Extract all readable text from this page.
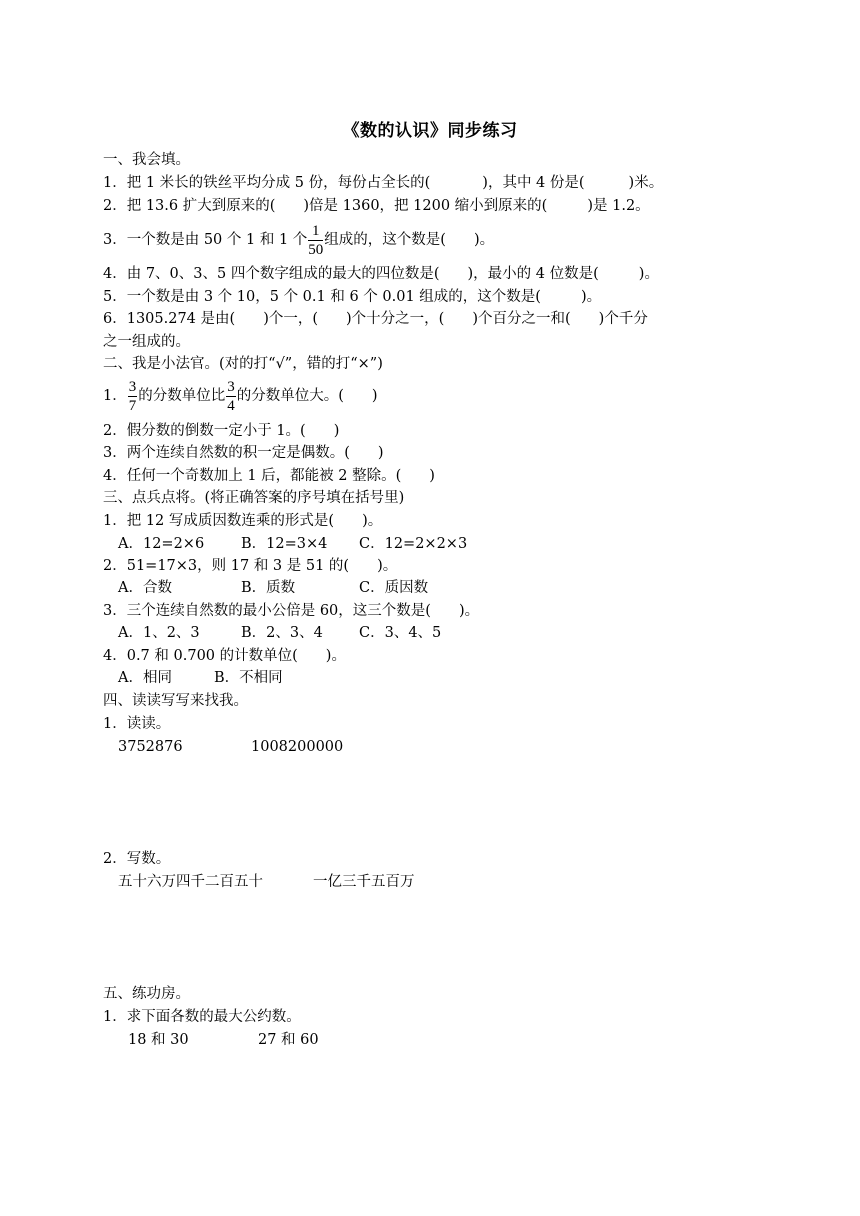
《数的认识》同步练习
一、我会填。
1．把 1 米长的铁丝平均分成 5 份，每份占全长的(	)，其中 4 份是(	)米。
2．把 13.6 扩大到原来的( )倍是 1360，把 1200 缩小到原来的(	)是 1.2。
3．一个数是由 50 个 1 和 1 个 $\frac{1}{50}$ 组成的，这个数是( )。
4．由 7、0、3、5 四个数字组成的最大的四位数是( )，最小的 4 位数是(	)。
5．一个数是由 3 个 10，5 个 0.1 和 6 个 0.01 组成的，这个数是(	)。
6．1305.274 是由( )个一，( )个十分之一，( )个百分之一和( )个千分
之一组成的。
二、我是小法官。(对的打“√”，错的打“×”)
1． $\frac{3}{7}$ 的分数单位比 $\frac{3}{4}$ 的分数单位大。( )
2．假分数的倒数一定小于 1。( )
3．两个连续自然数的积一定是偶数。( )
4．任何一个奇数加上 1 后，都能被 2 整除。( )
三、点兵点将。(将正确答案的序号填在括号里)
1．把 12 写成质因数连乘的形式是( )。
A．12=2×6	B．12=3×4 C．12=2×2×3
2．51=17×3，则 17 和 3 是 51 的( )。
A．合数	B．质数	C．质因数
3．三个连续自然数的最小公倍是 60，这三个数是( )。
A．1、2、3	B．2、3、4 C．3、4、5
4．0.7 和 0.700 的计数单位( )。
A．相同	B．不相同
四、读读写写来找我。
1．读读。
3752876	1008200000
2．写数。
五十六万四千二百五十	一亿三千五百万
五、练功房。
1．求下面各数的最大公约数。
18 和 30	27 和 60
